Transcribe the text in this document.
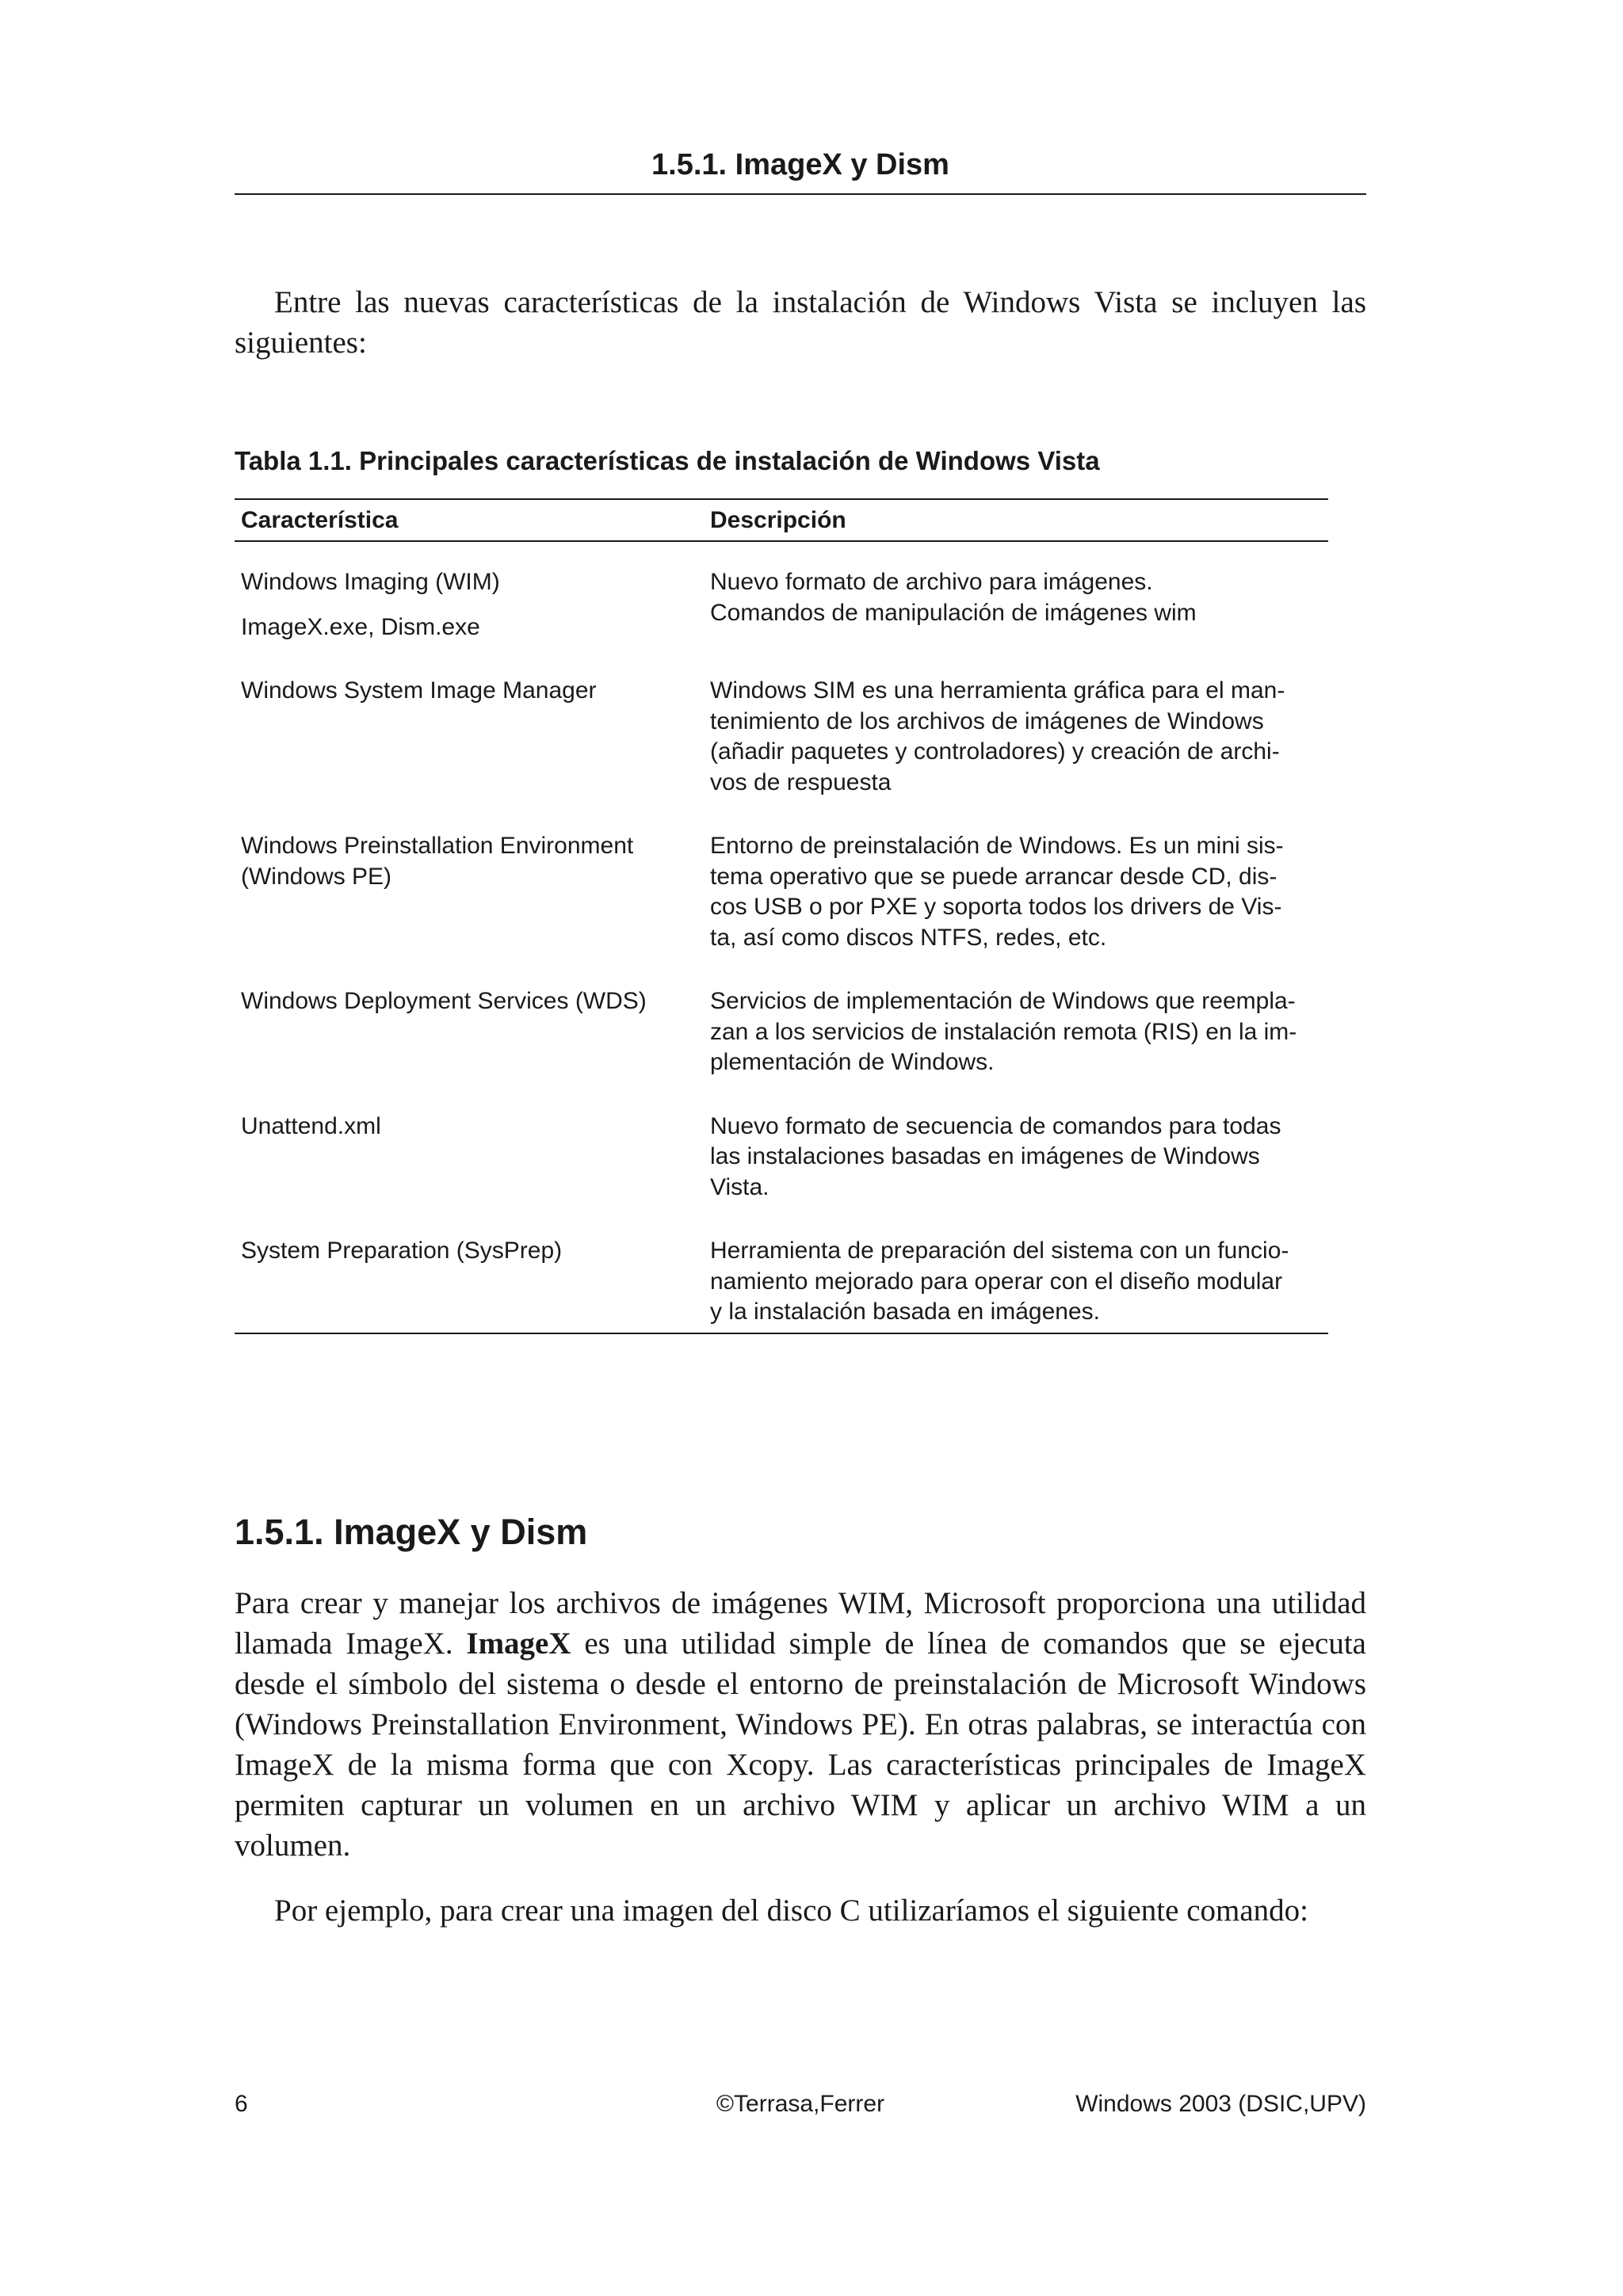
1.5.1. ImageX y Dism

Entre las nuevas características de la instalación de Windows Vista se incluyen las siguientes:

Tabla 1.1. Principales características de instalación de Windows Vista
Característica	Descripción

Windows Imaging (WIM)	Nuevo formato de archivo para imágenes.

ImageX.exe, Dism.exe	Comandos de manipulación de imágenes wim

Windows System Image Manager	Windows SIM es una herramienta gráfica para el man-
tenimiento de los archivos de imágenes de Windows
(añadir paquetes y controladores) y creación de archi-
vos de respuesta

Windows Preinstallation Environment
(Windows PE)	Entorno de preinstalación de Windows. Es un mini sis-
tema operativo que se puede arrancar desde CD, dis-
cos USB o por PXE y soporta todos los drivers de Vis-
ta, así como discos NTFS, redes, etc.

Windows Deployment Services (WDS)	Servicios de implementación de Windows que reempla-
zan a los servicios de instalación remota (RIS) en la im-
plementación de Windows.

Unattend.xml	Nuevo formato de secuencia de comandos para todas
las instalaciones basadas en imágenes de Windows
Vista.

System Preparation (SysPrep)	Herramienta de preparación del sistema con un funcio-
namiento mejorado para operar con el diseño modular
y la instalación basada en imágenes.
1.5.1. ImageX y Dism

Para crear y manejar los archivos de imágenes WIM, Microsoft proporciona una utilidad llamada ImageX. ImageX es una utilidad simple de línea de comandos que se ejecuta desde el símbolo del sistema o desde el entorno de preinstalación de Microsoft Windows (Windows Preinstallation Environment, Windows PE). En otras palabras, se interactúa con ImageX de la misma forma que con Xcopy. Las características principales de ImageX permiten capturar un volumen en un archivo WIM y aplicar un archivo WIM a un volumen.

Por ejemplo, para crear una imagen del disco C utilizaríamos el siguiente comando:

6	©Terrasa,Ferrer	Windows 2003 (DSIC,UPV)
